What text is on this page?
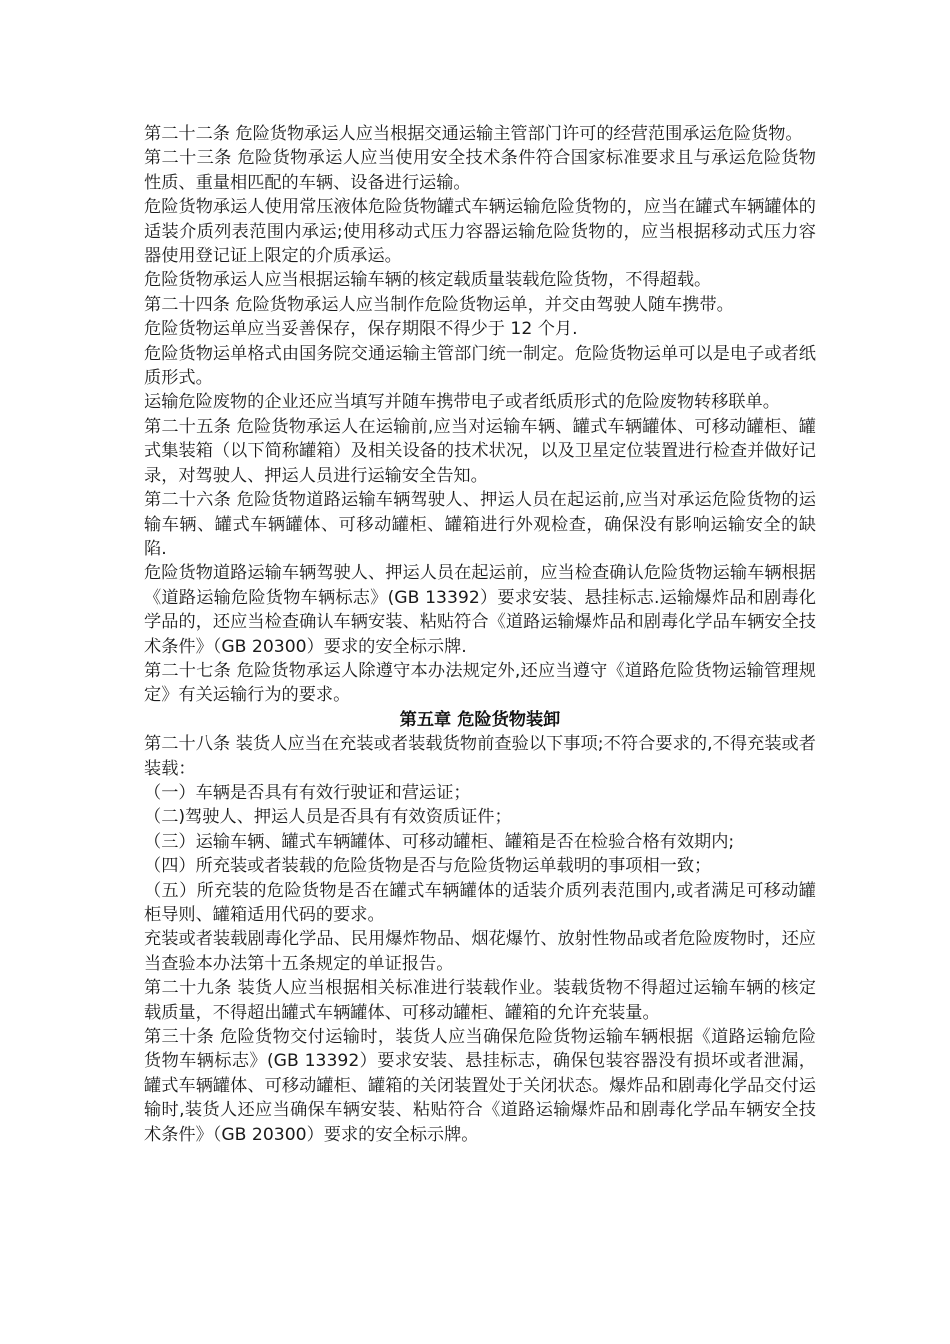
第二十二条 危险货物承运人应当根据交通运输主管部门许可的经营范围承运危险货物。

第二十三条 危险货物承运人应当使用安全技术条件符合国家标准要求且与承运危险货物性质、重量相匹配的车辆、设备进行运输。

危险货物承运人使用常压液体危险货物罐式车辆运输危险货物的，应当在罐式车辆罐体的适装介质列表范围内承运;使用移动式压力容器运输危险货物的，应当根据移动式压力容器使用登记证上限定的介质承运。

危险货物承运人应当根据运输车辆的核定载质量装载危险货物，不得超载。

第二十四条 危险货物承运人应当制作危险货物运单，并交由驾驶人随车携带。

危险货物运单应当妥善保存，保存期限不得少于 12 个月.

危险货物运单格式由国务院交通运输主管部门统一制定。危险货物运单可以是电子或者纸质形式。

运输危险废物的企业还应当填写并随车携带电子或者纸质形式的危险废物转移联单。

第二十五条 危险货物承运人在运输前,应当对运输车辆、罐式车辆罐体、可移动罐柜、罐式集装箱（以下简称罐箱）及相关设备的技术状况，以及卫星定位装置进行检查并做好记录，对驾驶人、押运人员进行运输安全告知。

第二十六条 危险货物道路运输车辆驾驶人、押运人员在起运前,应当对承运危险货物的运输车辆、罐式车辆罐体、可移动罐柜、罐箱进行外观检查，确保没有影响运输安全的缺陷.

危险货物道路运输车辆驾驶人、押运人员在起运前，应当检查确认危险货物运输车辆根据《道路运输危险货物车辆标志》(GB 13392）要求安装、悬挂标志.运输爆炸品和剧毒化学品的，还应当检查确认车辆安装、粘贴符合《道路运输爆炸品和剧毒化学品车辆安全技术条件》（GB 20300）要求的安全标示牌.

第二十七条 危险货物承运人除遵守本办法规定外,还应当遵守《道路危险货物运输管理规定》有关运输行为的要求。

第五章 危险货物装卸

第二十八条 装货人应当在充装或者装载货物前查验以下事项;不符合要求的,不得充装或者装载：

（一）车辆是否具有有效行驶证和营运证；

（二)驾驶人、押运人员是否具有有效资质证件；

（三）运输车辆、罐式车辆罐体、可移动罐柜、罐箱是否在检验合格有效期内;

（四）所充装或者装载的危险货物是否与危险货物运单载明的事项相一致；

（五）所充装的危险货物是否在罐式车辆罐体的适装介质列表范围内,或者满足可移动罐柜导则、罐箱适用代码的要求。

充装或者装载剧毒化学品、民用爆炸物品、烟花爆竹、放射性物品或者危险废物时，还应当查验本办法第十五条规定的单证报告。

第二十九条 装货人应当根据相关标准进行装载作业。装载货物不得超过运输车辆的核定载质量，不得超出罐式车辆罐体、可移动罐柜、罐箱的允许充装量。

第三十条 危险货物交付运输时，装货人应当确保危险货物运输车辆根据《道路运输危险货物车辆标志》(GB 13392）要求安装、悬挂标志，确保包装容器没有损坏或者泄漏，罐式车辆罐体、可移动罐柜、罐箱的关闭装置处于关闭状态。爆炸品和剧毒化学品交付运输时,装货人还应当确保车辆安装、粘贴符合《道路运输爆炸品和剧毒化学品车辆安全技术条件》（GB 20300）要求的安全标示牌。
